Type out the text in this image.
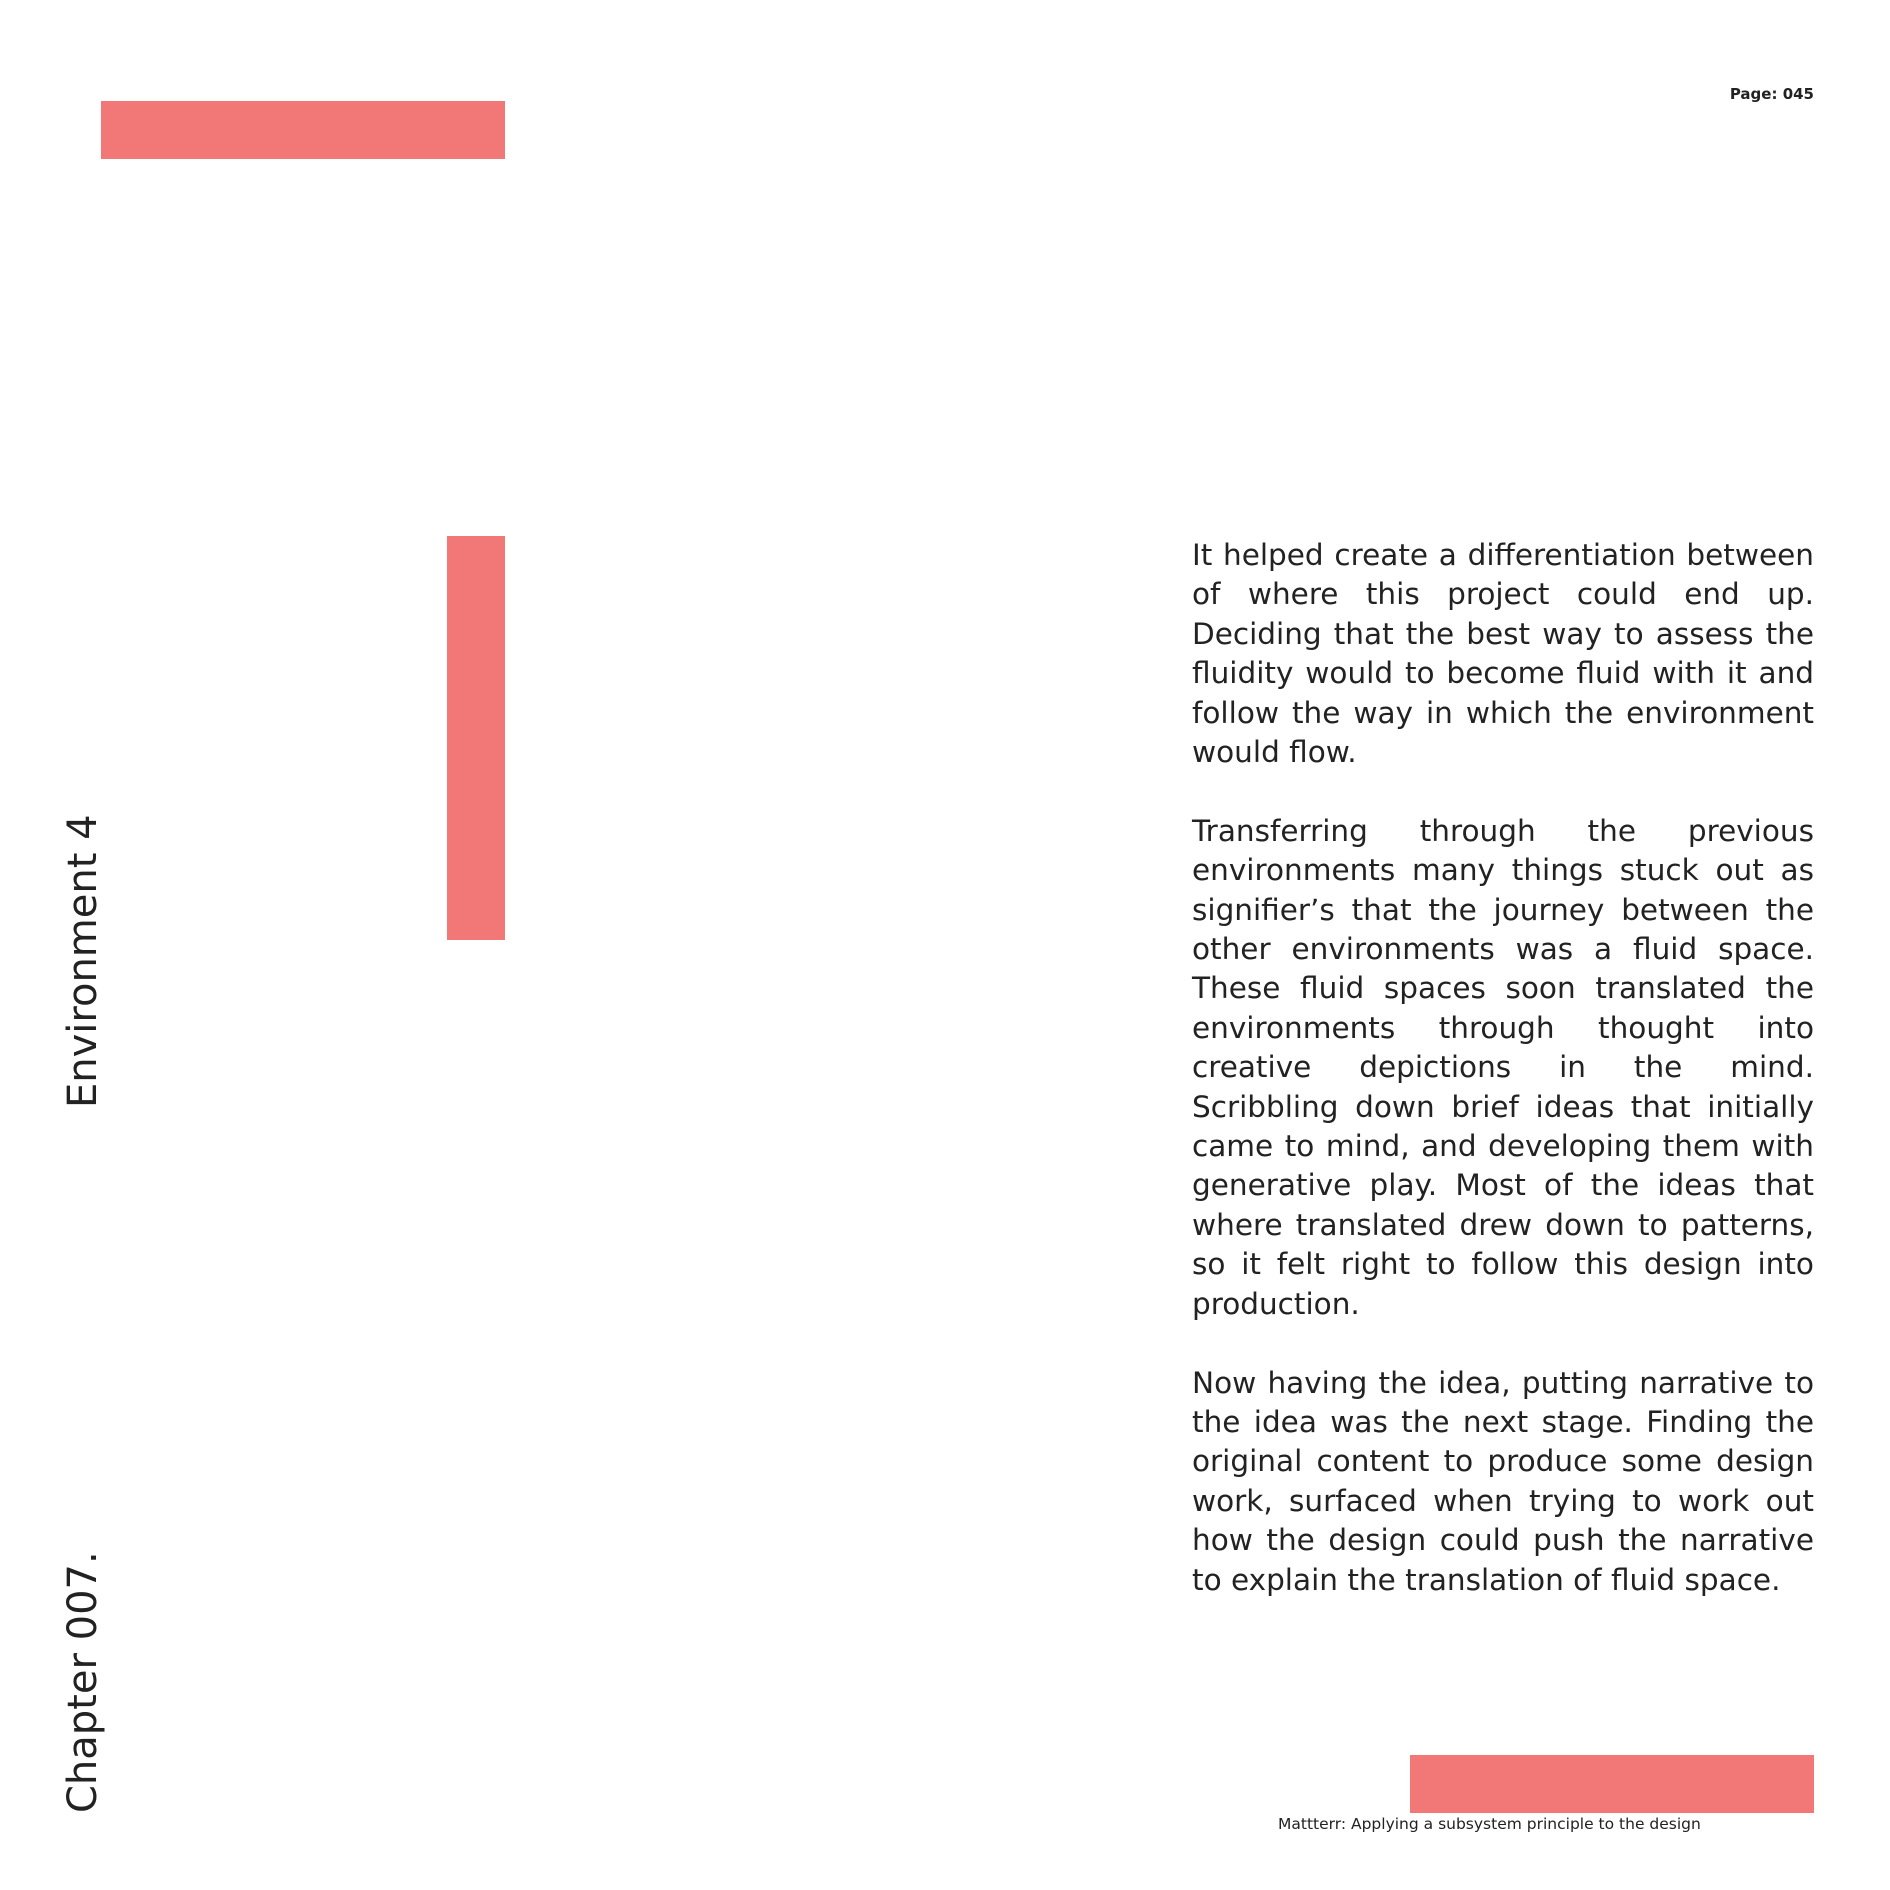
Page: 045
Chapter 007.
Environment 4

It helped create a differentiation between of where this project could end up. Deciding that the best way to assess the fluidity would to become fluid with it and follow the way in which the environment would flow.

Transferring through the previous environments many things stuck out as signifier’s that the journey between the other environments was a fluid space. These fluid spaces soon translated the environments through thought into creative depictions in the mind. Scribbling down brief ideas that initially came to mind, and developing them with generative play. Most of the ideas that where translated drew down to patterns, so it felt right to follow this design into production.

Now having the idea, putting narrative to the idea was the next stage. Finding the original content to produce some design work, surfaced when trying to work out how the design could push the narrative to explain the translation of fluid space.

Mattterr: Applying a subsystem principle to the design
